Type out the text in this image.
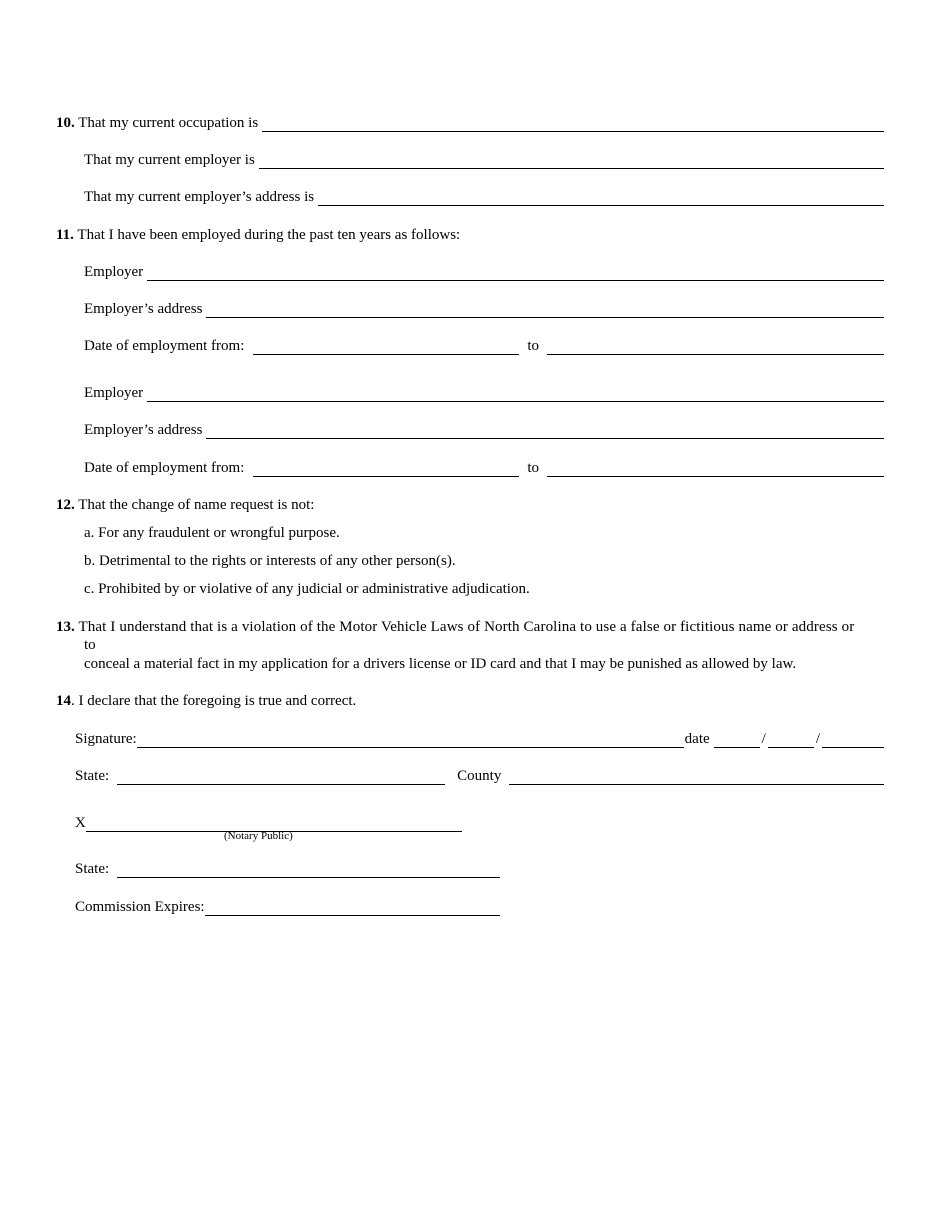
10. That my current occupation is
That my current employer is
That my current employer’s address is
11. That I have been employed during the past ten years as follows:
Employer
Employer’s address
Date of employment from:	to
Employer
Employer’s address
Date of employment from:	to
12. That the change of name request is not:
a. For any fraudulent or wrongful purpose.
b. Detrimental to the rights or interests of any other person(s).
c. Prohibited by or violative of any judicial or administrative adjudication.
13. That I understand that is a violation of the Motor Vehicle Laws of North Carolina to use a false or fictitious name or address or
to
conceal a material fact in my application for a drivers license or ID card and that I may be punished as allowed by law.
14. I declare that the foregoing is true and correct.
Signature:	date	/	/
State:	County
X
(Notary Public)
State:
Commission Expires:
